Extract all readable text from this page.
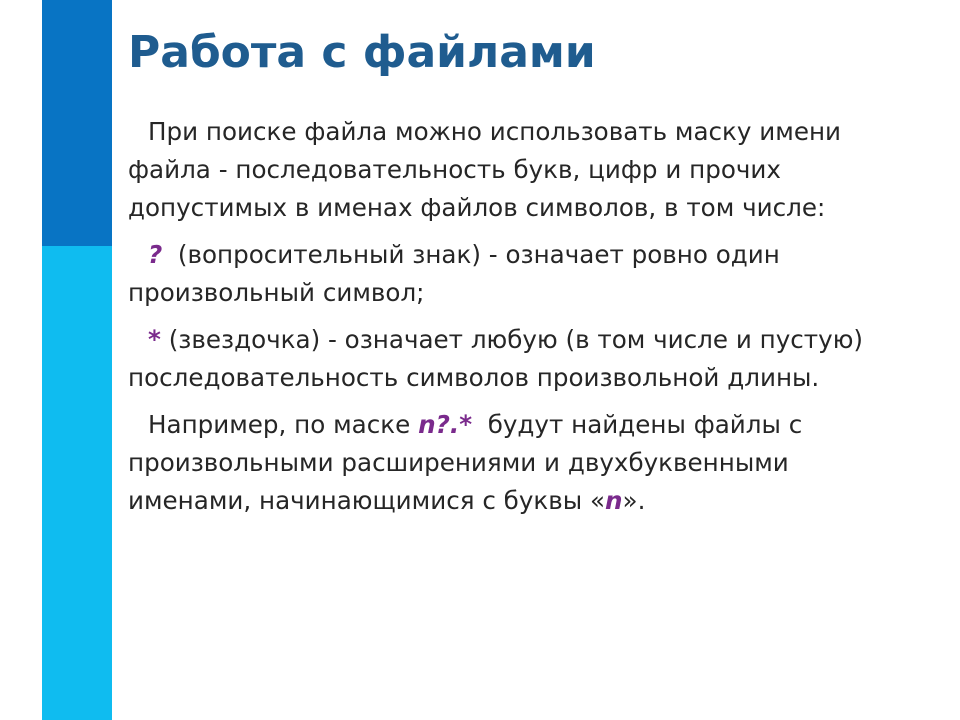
Работа с файлами

При поиске файла можно использовать маску имени
файла - последовательность букв, цифр и прочих
допустимых в именах файлов символов, в том числе:

?  (вопросительный знак) - означает ровно один
произвольный символ;

* (звездочка) - означает любую (в том числе и пустую)
последовательность символов произвольной длины.

Например, по маске n?.*  будут найдены файлы с
произвольными расширениями и двухбуквенными
именами, начинающимися с буквы «n».
